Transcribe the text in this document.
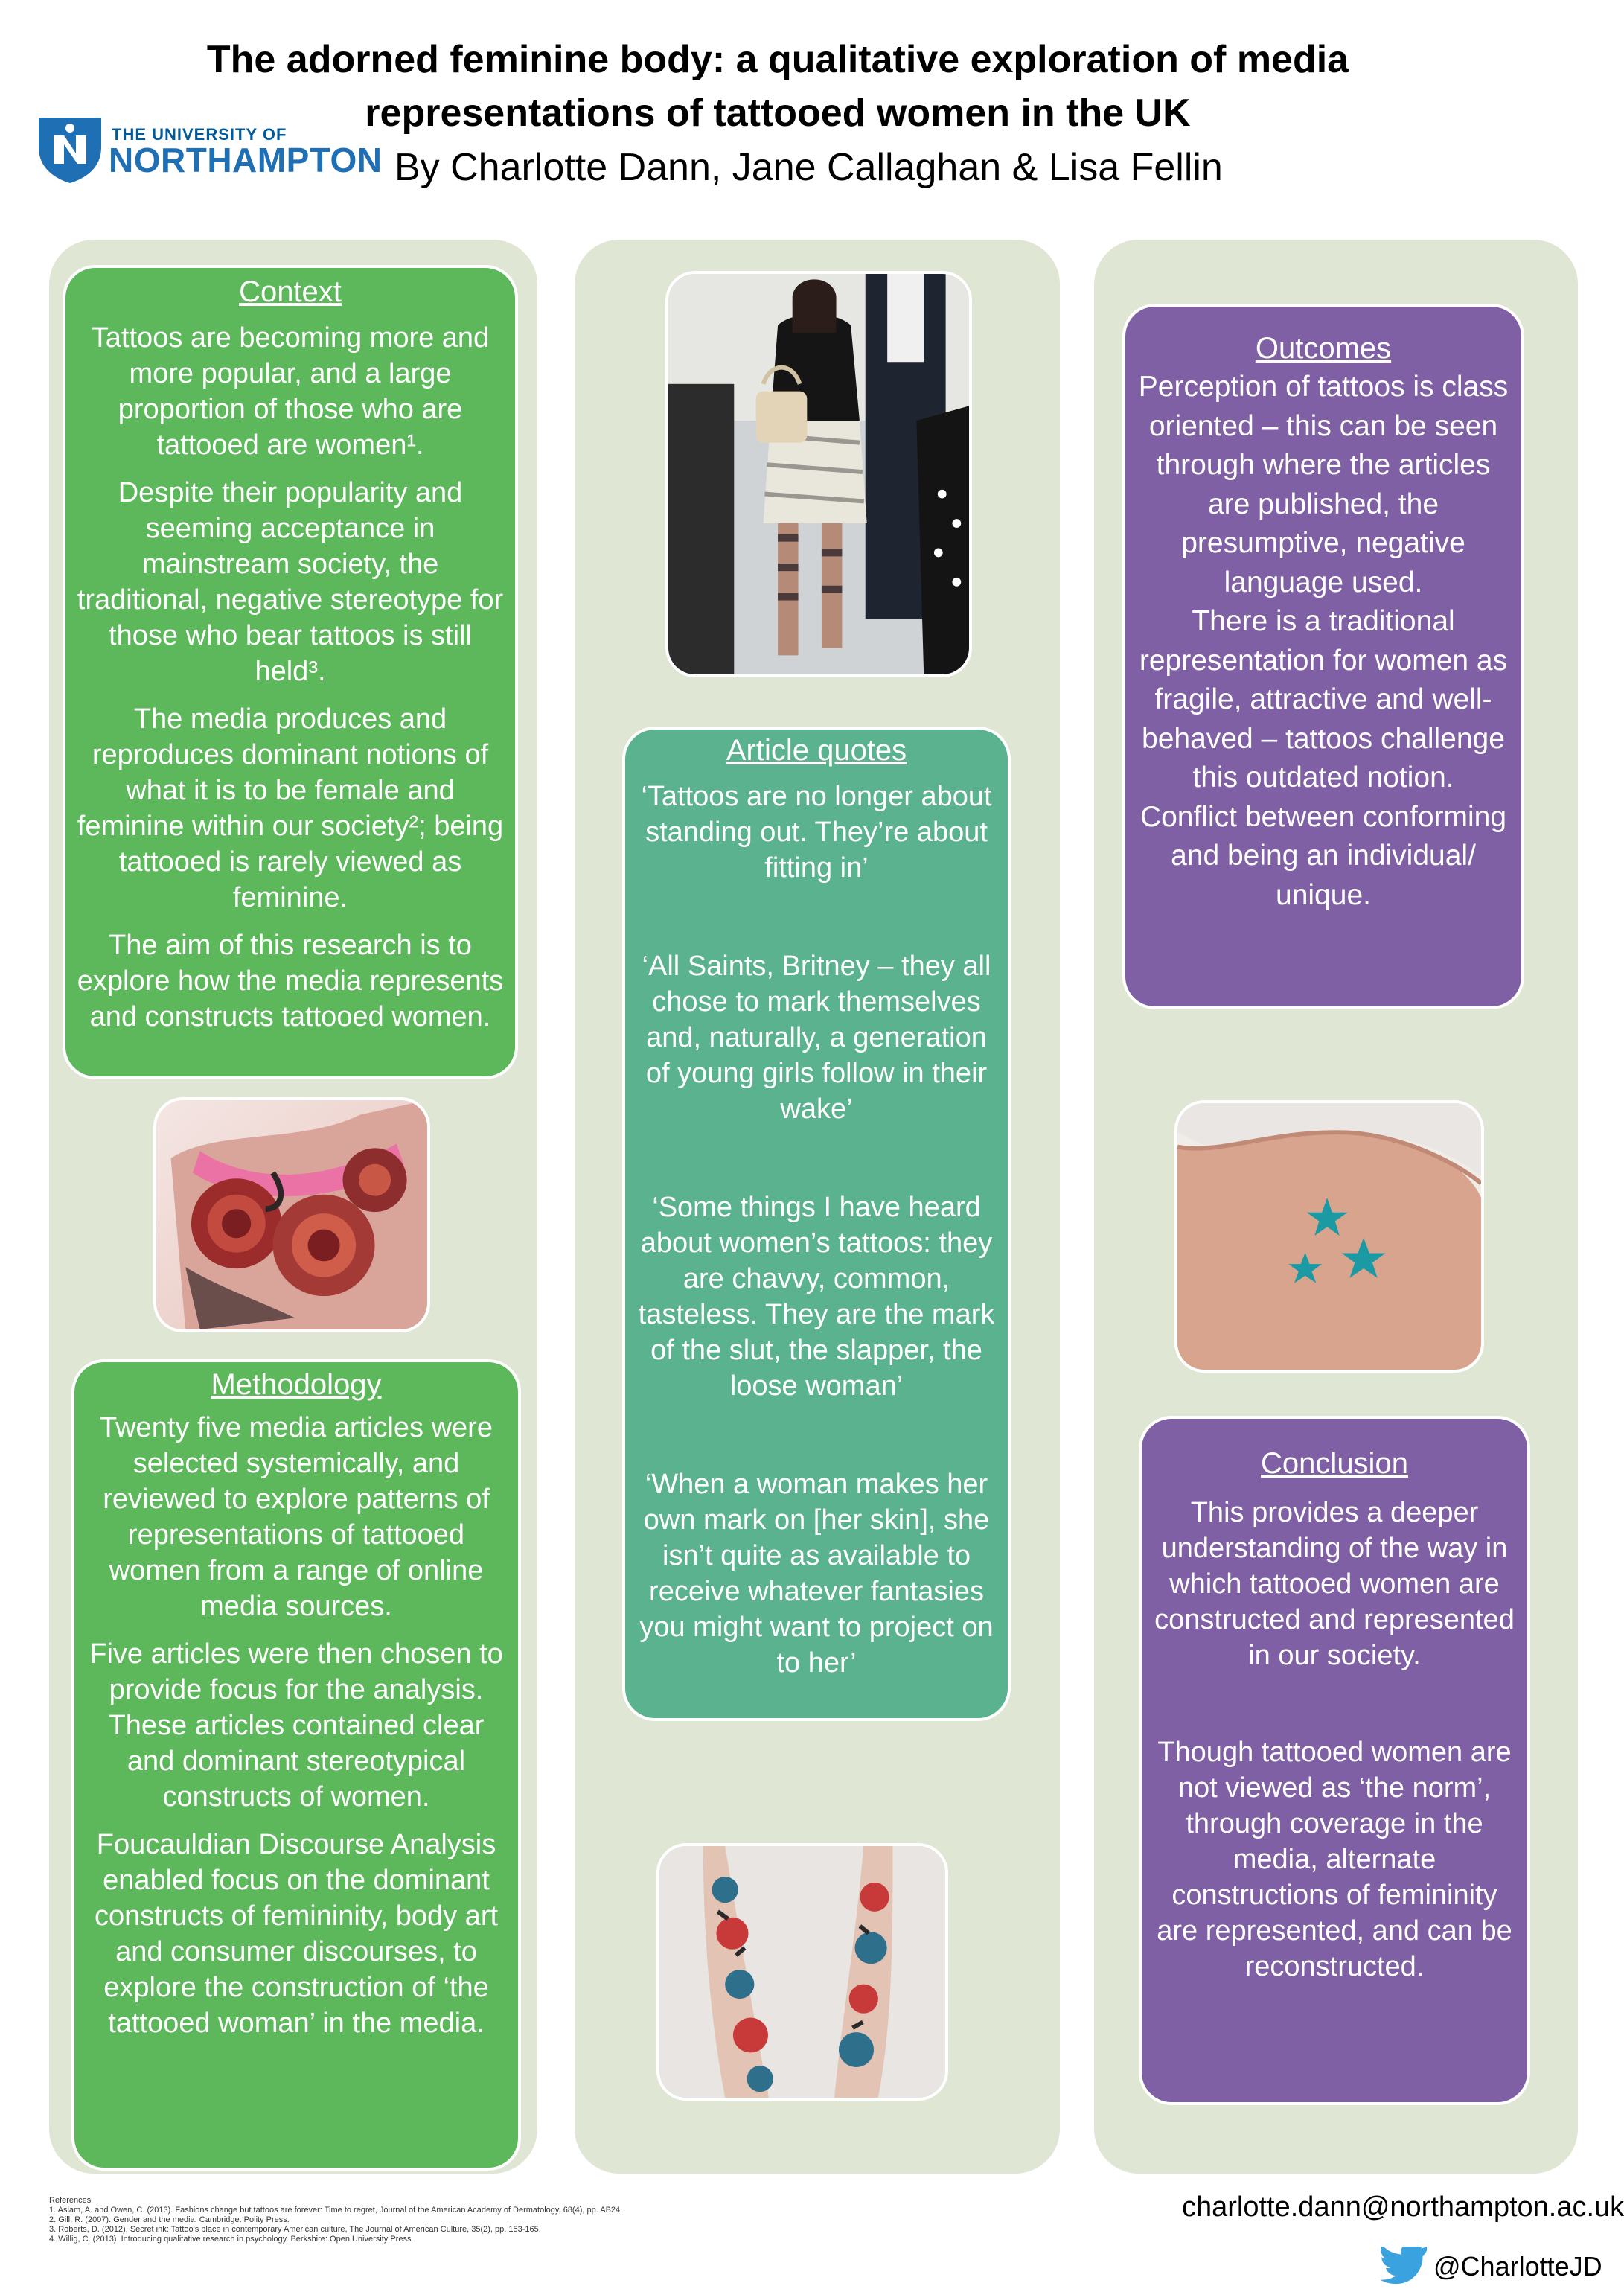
The adorned feminine body: a qualitative exploration of media
representations of tattooed women in the UK
By Charlotte Dann, Jane Callaghan & Lisa Fellin
THE UNIVERSITY OF
NORTHAMPTON
Context

Tattoos are becoming more and more popular, and a large proportion of those who are tattooed are women¹.

Despite their popularity and seeming acceptance in mainstream society, the traditional, negative stereotype for those who bear tattoos is still held³.

The media produces and reproduces dominant notions of what it is to be female and feminine within our society²; being tattooed is rarely viewed as feminine.

The aim of this research is to explore how the media represents and constructs tattooed women.

Methodology

Twenty five media articles were selected systemically, and reviewed to explore patterns of representations of tattooed women from a range of online media sources.

Five articles were then chosen to provide focus for the analysis. These articles contained clear and dominant stereotypical constructs of women.

Foucauldian Discourse Analysis enabled focus on the dominant constructs of femininity, body art and consumer discourses, to explore the construction of ‘the tattooed woman’ in the media.

Article quotes

‘Tattoos are no longer about standing out. They’re about fitting in’

‘All Saints, Britney – they all chose to mark themselves and, naturally, a generation of young girls follow in their wake’

‘Some things I have heard about women’s tattoos: they are chavvy, common, tasteless. They are the mark of the slut, the slapper, the loose woman’

‘When a woman makes her own mark on [her skin], she isn’t quite as available to receive whatever fantasies you might want to project on to her’

Outcomes

Perception of tattoos is class oriented – this can be seen through where the articles are published, the presumptive, negative language used.

There is a traditional representation for women as fragile, attractive and well-behaved – tattoos challenge this outdated notion.

Conflict between conforming and being an individual/ unique.

Conclusion

This provides a deeper understanding of the way in which tattooed women are constructed and represented in our society.

Though tattooed women are not viewed as ‘the norm’, through coverage in the media, alternate constructions of femininity are represented, and can be reconstructed.

References
1. Aslam, A. and Owen, C. (2013). Fashions change but tattoos are forever: Time to regret, Journal of the American Academy of Dermatology, 68(4), pp. AB24.
2. Gill, R. (2007). Gender and the media. Cambridge: Polity Press.
3. Roberts, D. (2012). Secret ink: Tattoo's place in contemporary American culture, The Journal of American Culture, 35(2), pp. 153-165.
4. Willig, C. (2013). Introducing qualitative research in psychology. Berkshire: Open University Press.
charlotte.dann@northampton.ac.uk
@CharlotteJD
